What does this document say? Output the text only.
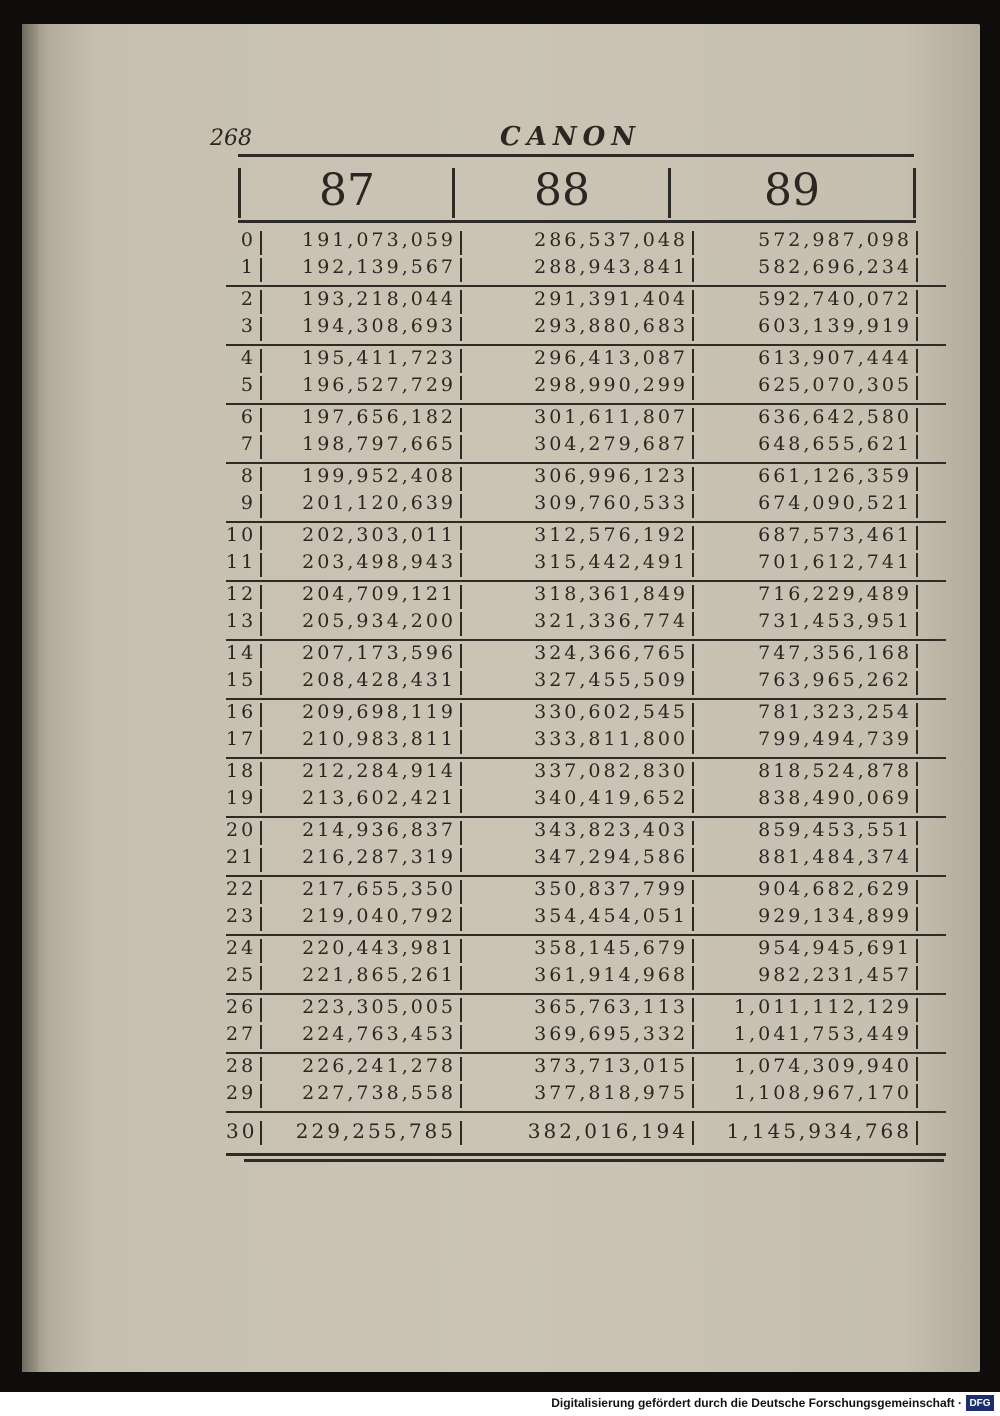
268	CANON
87	88	89
0	191,073,059	286,537,048	572,987,098
1	192,139,567	288,943,841	582,696,234
2	193,218,044	291,391,404	592,740,072
3	194,308,693	293,880,683	603,139,919
4	195,411,723	296,413,087	613,907,444
5	196,527,729	298,990,299	625,070,305
6	197,656,182	301,611,807	636,642,580
7	198,797,665	304,279,687	648,655,621
8	199,952,408	306,996,123	661,126,359
9	201,120,639	309,760,533	674,090,521
10	202,303,011	312,576,192	687,573,461
11	203,498,943	315,442,491	701,612,741
12	204,709,121	318,361,849	716,229,489
13	205,934,200	321,336,774	731,453,951
14	207,173,596	324,366,765	747,356,168
15	208,428,431	327,455,509	763,965,262
16	209,698,119	330,602,545	781,323,254
17	210,983,811	333,811,800	799,494,739
18	212,284,914	337,082,830	818,524,878
19	213,602,421	340,419,652	838,490,069
20	214,936,837	343,823,403	859,453,551
21	216,287,319	347,294,586	881,484,374
22	217,655,350	350,837,799	904,682,629
23	219,040,792	354,454,051	929,134,899
24	220,443,981	358,145,679	954,945,691
25	221,865,261	361,914,968	982,231,457
26	223,305,005	365,763,113	1,011,112,129
27	224,763,453	369,695,332	1,041,753,449
28	226,241,278	373,713,015	1,074,309,940
29	227,738,558	377,818,975	1,108,967,170
30	229,255,785	382,016,194 1,145,934,768
Digitalisierung gefördert durch die Deutsche Forschungsgemeinschaft · DFG
